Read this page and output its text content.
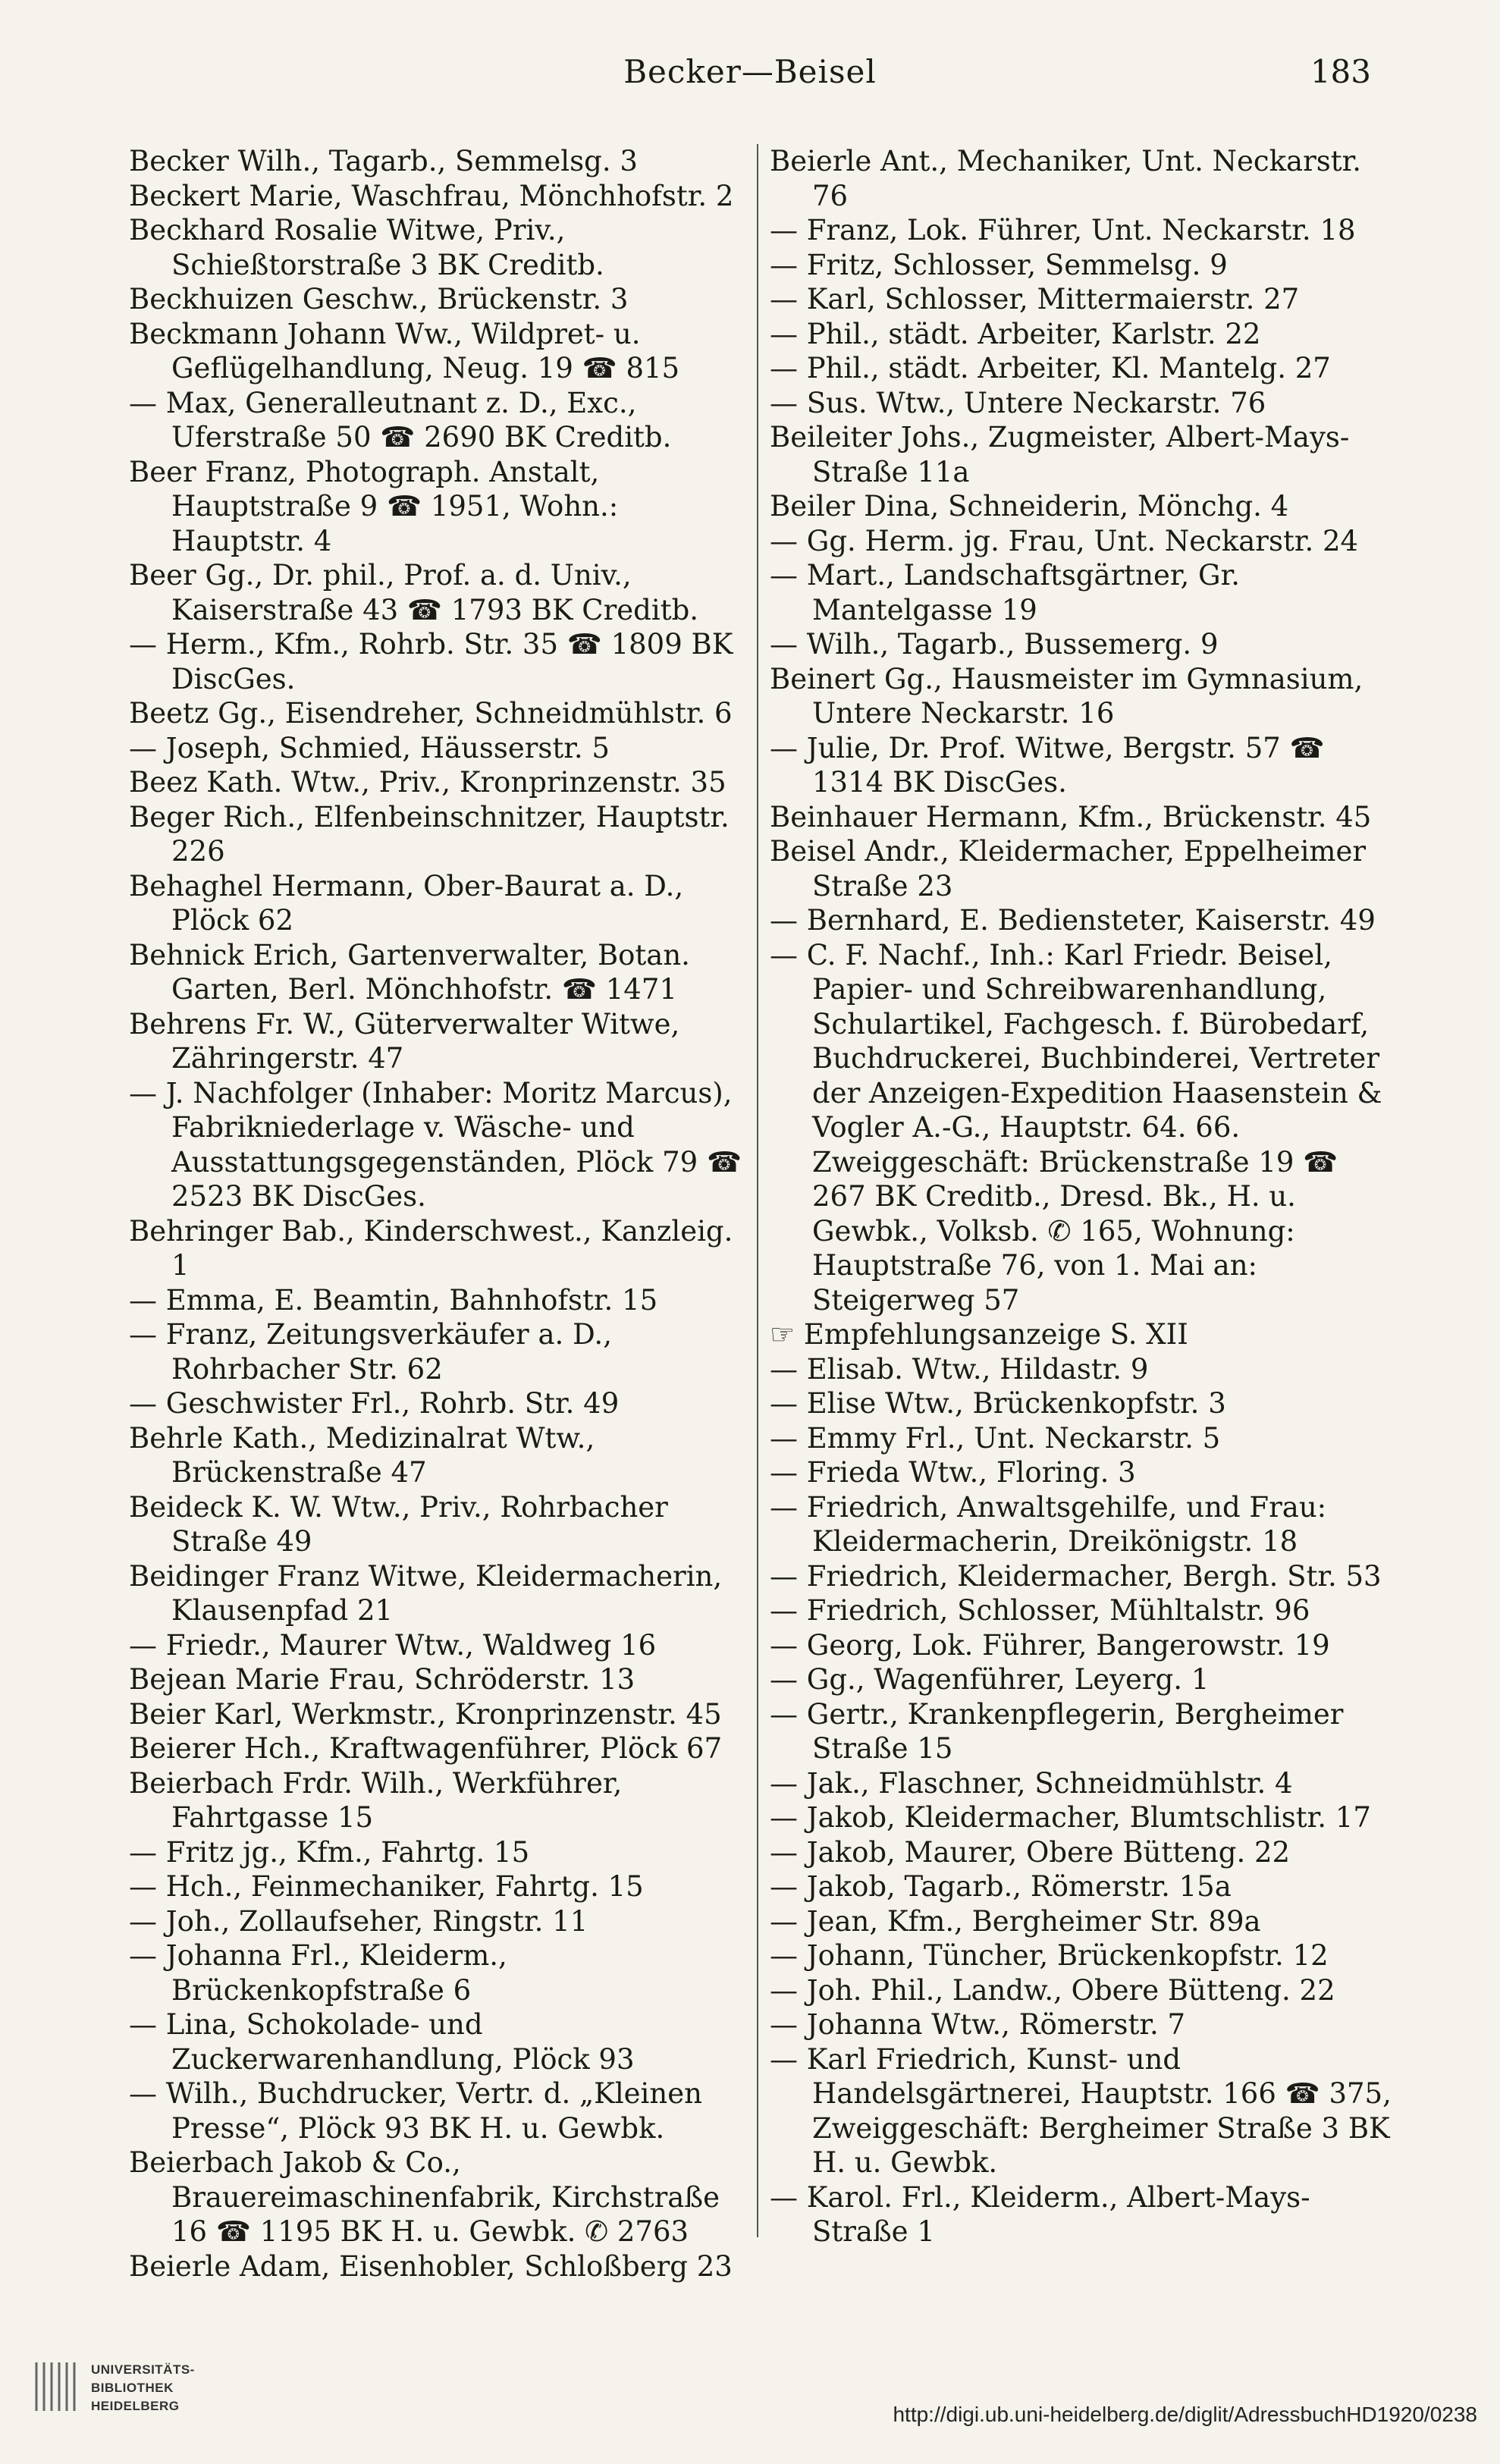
Becker—Beisel	183

Becker Wilh., Tagarb., Semmelsg. 3

Beckert Marie, Waschfrau, Mönchhofstr. 2

Beckhard Rosalie Witwe, Priv., Schießtorstraße 3 BK Creditb.

Beckhuizen Geschw., Brückenstr. 3

Beckmann Johann Ww., Wildpret- u. Geflügelhandlung, Neug. 19 ☎ 815

— Max, Generalleutnant z. D., Exc., Uferstraße 50 ☎ 2690 BK Creditb.

Beer Franz, Photograph. Anstalt, Hauptstraße 9 ☎ 1951, Wohn.: Hauptstr. 4

Beer Gg., Dr. phil., Prof. a. d. Univ., Kaiserstraße 43 ☎ 1793 BK Creditb.

— Herm., Kfm., Rohrb. Str. 35 ☎ 1809 BK DiscGes.

Beetz Gg., Eisendreher, Schneidmühlstr. 6

— Joseph, Schmied, Häusserstr. 5

Beez Kath. Wtw., Priv., Kronprinzenstr. 35

Beger Rich., Elfenbeinschnitzer, Hauptstr. 226

Behaghel Hermann, Ober-Baurat a. D., Plöck 62

Behnick Erich, Gartenverwalter, Botan. Garten, Berl. Mönchhofstr. ☎ 1471

Behrens Fr. W., Güterverwalter Witwe, Zähringerstr. 47

— J. Nachfolger (Inhaber: Moritz Marcus), Fabrikniederlage v. Wäsche- und Ausstattungsgegenständen, Plöck 79 ☎ 2523 BK DiscGes.

Behringer Bab., Kinderschwest., Kanzleig. 1

— Emma, E. Beamtin, Bahnhofstr. 15

— Franz, Zeitungsverkäufer a. D., Rohrbacher Str. 62

— Geschwister Frl., Rohrb. Str. 49

Behrle Kath., Medizinalrat Wtw., Brückenstraße 47

Beideck K. W. Wtw., Priv., Rohrbacher Straße 49

Beidinger Franz Witwe, Kleidermacherin, Klausenpfad 21

— Friedr., Maurer Wtw., Waldweg 16

Bejean Marie Frau, Schröderstr. 13

Beier Karl, Werkmstr., Kronprinzenstr. 45

Beierer Hch., Kraftwagenführer, Plöck 67

Beierbach Frdr. Wilh., Werkführer, Fahrtgasse 15

— Fritz jg., Kfm., Fahrtg. 15

— Hch., Feinmechaniker, Fahrtg. 15

— Joh., Zollaufseher, Ringstr. 11

— Johanna Frl., Kleiderm., Brückenkopfstraße 6

— Lina, Schokolade- und Zuckerwarenhandlung, Plöck 93

— Wilh., Buchdrucker, Vertr. d. „Kleinen Presse“, Plöck 93 BK H. u. Gewbk.

Beierbach Jakob & Co., Brauereimaschinenfabrik, Kirchstraße 16 ☎ 1195 BK H. u. Gewbk. ✆ 2763

Beierle Adam, Eisenhobler, Schloßberg 23

Beierle Ant., Mechaniker, Unt. Neckarstr. 76

— Franz, Lok. Führer, Unt. Neckarstr. 18

— Fritz, Schlosser, Semmelsg. 9

— Karl, Schlosser, Mittermaierstr. 27

— Phil., städt. Arbeiter, Karlstr. 22

— Phil., städt. Arbeiter, Kl. Mantelg. 27

— Sus. Wtw., Untere Neckarstr. 76

Beileiter Johs., Zugmeister, Albert-Mays-Straße 11a

Beiler Dina, Schneiderin, Mönchg. 4

— Gg. Herm. jg. Frau, Unt. Neckarstr. 24

— Mart., Landschaftsgärtner, Gr. Mantelgasse 19

— Wilh., Tagarb., Bussemerg. 9

Beinert Gg., Hausmeister im Gymnasium, Untere Neckarstr. 16

— Julie, Dr. Prof. Witwe, Bergstr. 57 ☎ 1314 BK DiscGes.

Beinhauer Hermann, Kfm., Brückenstr. 45

Beisel Andr., Kleidermacher, Eppelheimer Straße 23

— Bernhard, E. Bediensteter, Kaiserstr. 49

— C. F. Nachf., Inh.: Karl Friedr. Beisel, Papier- und Schreibwarenhandlung, Schulartikel, Fachgesch. f. Bürobedarf, Buchdruckerei, Buchbinderei, Vertreter der Anzeigen-Expedition Haasenstein & Vogler A.-G., Hauptstr. 64. 66. Zweiggeschäft: Brückenstraße 19 ☎ 267 BK Creditb., Dresd. Bk., H. u. Gewbk., Volksb. ✆ 165, Wohnung: Hauptstraße 76, von 1. Mai an: Steigerweg 57

☞ Empfehlungsanzeige S. XII

— Elisab. Wtw., Hildastr. 9

— Elise Wtw., Brückenkopfstr. 3

— Emmy Frl., Unt. Neckarstr. 5

— Frieda Wtw., Floring. 3

— Friedrich, Anwaltsgehilfe, und Frau: Kleidermacherin, Dreikönigstr. 18

— Friedrich, Kleidermacher, Bergh. Str. 53

— Friedrich, Schlosser, Mühltalstr. 96

— Georg, Lok. Führer, Bangerowstr. 19

— Gg., Wagenführer, Leyerg. 1

— Gertr., Krankenpflegerin, Bergheimer Straße 15

— Jak., Flaschner, Schneidmühlstr. 4

— Jakob, Kleidermacher, Blumtschlistr. 17

— Jakob, Maurer, Obere Bütteng. 22

— Jakob, Tagarb., Römerstr. 15a

— Jean, Kfm., Bergheimer Str. 89a

— Johann, Tüncher, Brückenkopfstr. 12

— Joh. Phil., Landw., Obere Bütteng. 22

— Johanna Wtw., Römerstr. 7

— Karl Friedrich, Kunst- und Handelsgärtnerei, Hauptstr. 166 ☎ 375, Zweiggeschäft: Bergheimer Straße 3 BK H. u. Gewbk.

— Karol. Frl., Kleiderm., Albert-Mays-Straße 1

UNIVERSITÄTS-
BIBLIOTHEK
HEIDELBERG	http://digi.ub.uni-heidelberg.de/diglit/AdressbuchHD1920/0238
